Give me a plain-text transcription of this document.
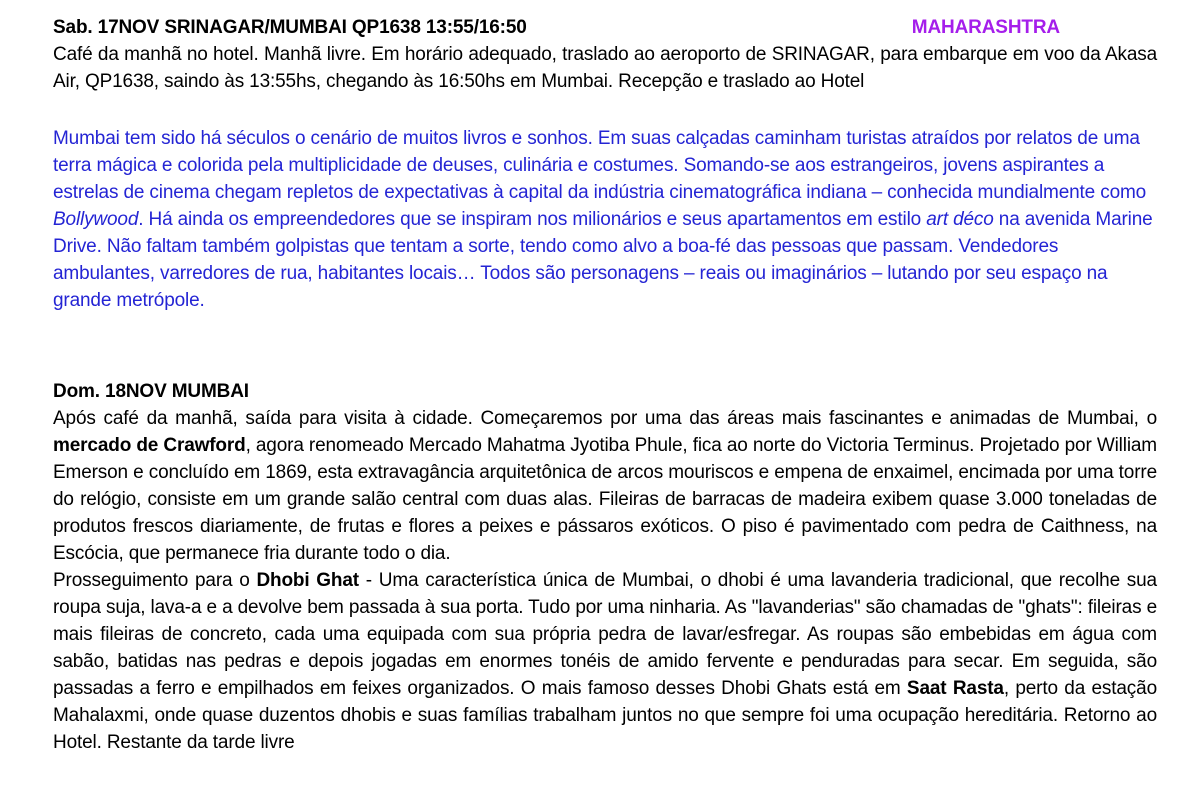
Sab. 17NOV SRINAGAR/MUMBAI QP1638 13:55/16:50	MAHARASHTRA

Café da manhã no hotel. Manhã livre. Em horário adequado, traslado ao aeroporto de SRINAGAR, para embarque em voo da Akasa Air, QP1638, saindo às 13:55hs, chegando às 16:50hs em Mumbai. Recepção e traslado ao Hotel

Mumbai tem sido há séculos o cenário de muitos livros e sonhos. Em suas calçadas caminham turistas atraídos por relatos de uma terra mágica e colorida pela multiplicidade de deuses, culinária e costumes. Somando-se aos estrangeiros, jovens aspirantes a estrelas de cinema chegam repletos de expectativas à capital da indústria cinematográfica indiana – conhecida mundialmente como Bollywood. Há ainda os empreendedores que se inspiram nos milionários e seus apartamentos em estilo art déco na avenida Marine Drive. Não faltam também golpistas que tentam a sorte, tendo como alvo a boa-fé das pessoas que passam. Vendedores ambulantes, varredores de rua, habitantes locais… Todos são personagens – reais ou imaginários – lutando por seu espaço na grande metrópole.

Dom. 18NOV MUMBAI

Após café da manhã, saída para visita à cidade. Começaremos por uma das áreas mais fascinantes e animadas de Mumbai, o mercado de Crawford, agora renomeado Mercado Mahatma Jyotiba Phule, fica ao norte do Victoria Terminus. Projetado por William Emerson e concluído em 1869, esta extravagância arquitetônica de arcos mouriscos e empena de enxaimel, encimada por uma torre do relógio, consiste em um grande salão central com duas alas. Fileiras de barracas de madeira exibem quase 3.000 toneladas de produtos frescos diariamente, de frutas e flores a peixes e pássaros exóticos. O piso é pavimentado com pedra de Caithness, na Escócia, que permanece fria durante todo o dia.

Prosseguimento para o Dhobi Ghat - Uma característica única de Mumbai, o dhobi é uma lavanderia tradicional, que recolhe sua roupa suja, lava-a e a devolve bem passada à sua porta. Tudo por uma ninharia. As "lavanderias" são chamadas de "ghats": fileiras e mais fileiras de concreto, cada uma equipada com sua própria pedra de lavar/esfregar. As roupas são embebidas em água com sabão, batidas nas pedras e depois jogadas em enormes tonéis de amido fervente e penduradas para secar. Em seguida, são passadas a ferro e empilhados em feixes organizados. O mais famoso desses Dhobi Ghats está em Saat Rasta, perto da estação Mahalaxmi, onde quase duzentos dhobis e suas famílias trabalham juntos no que sempre foi uma ocupação hereditária. Retorno ao Hotel. Restante da tarde livre
